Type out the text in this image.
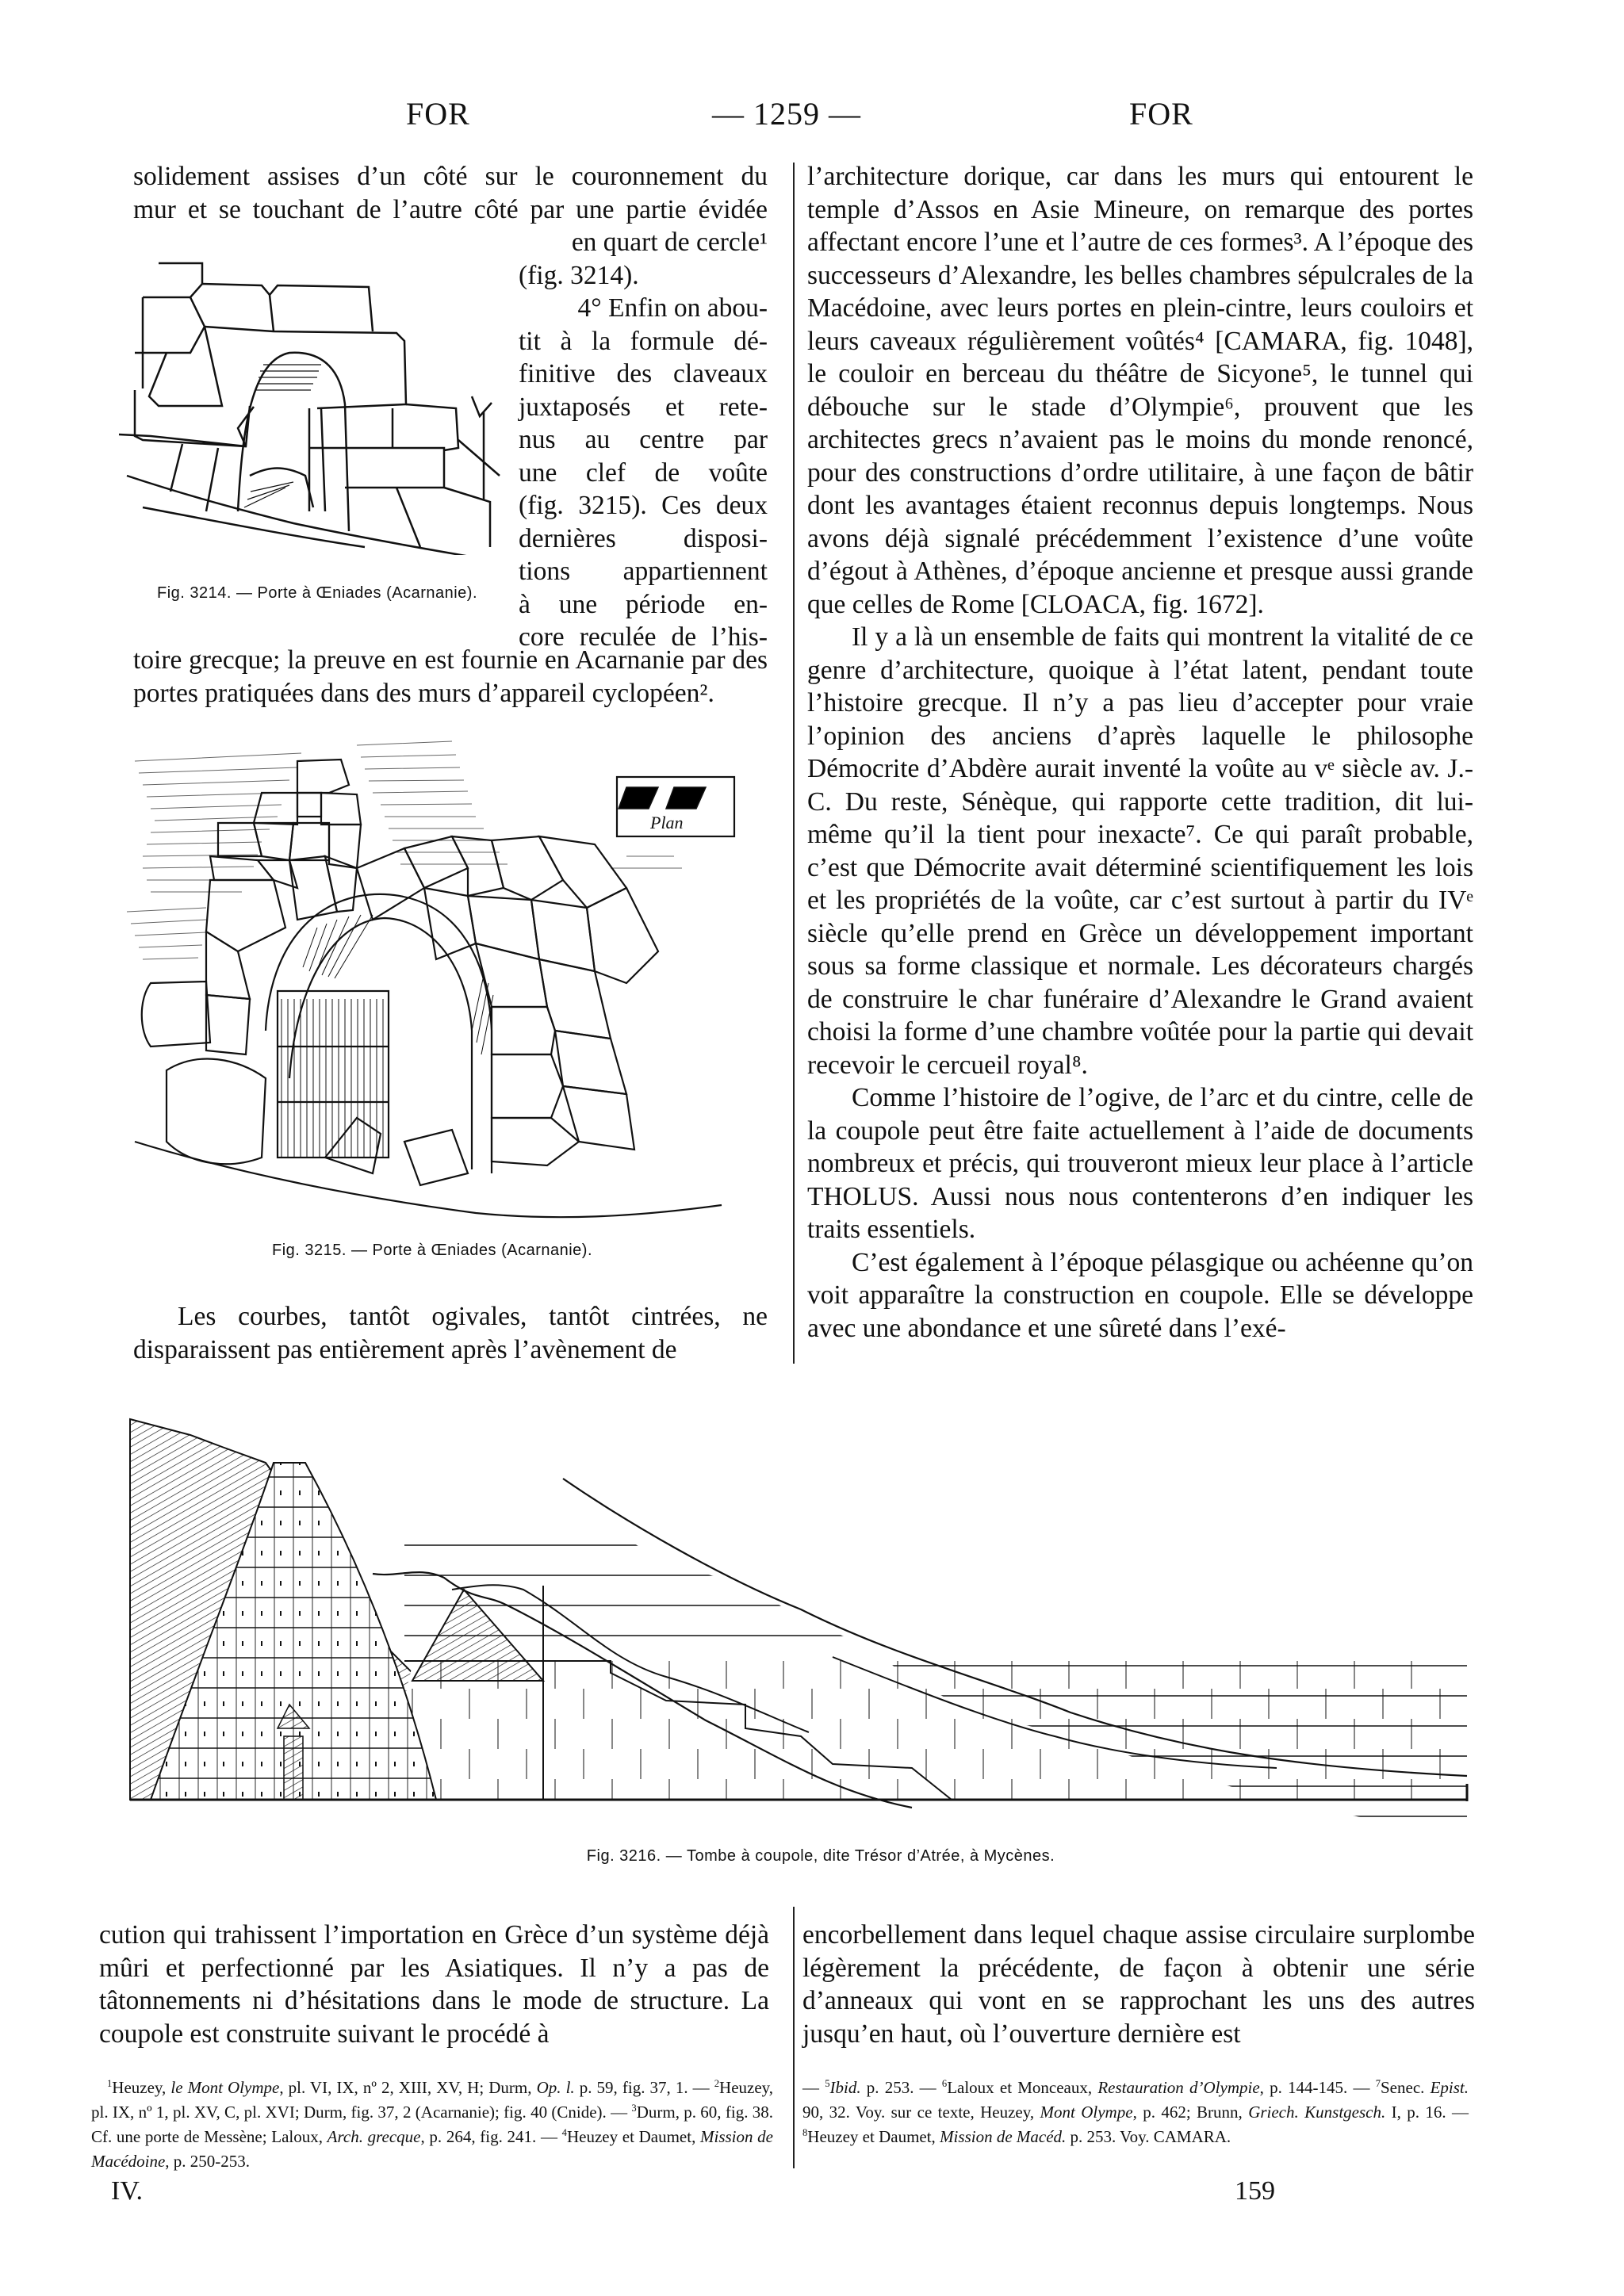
FOR	— 1259 —	FOR

solidement assises d’un côté sur le couronnement du

mur et se touchant de l’autre côté par une partie évidée

Fig. 3214. — Porte à Œniades (Acarnanie).
en quart de cercle¹
(fig. 3214).
4° Enfin on abou-
tit à la formule dé-
finitive des claveaux
juxtaposés et rete-
nus au centre par
une clef de voûte
(fig. 3215). Ces deux
dernières disposi-
tions appartiennent
à une période en-
core reculée de l’his-

toire grecque; la preuve en est fournie en Acarnanie par des portes pratiquées dans des murs d’appareil cyclopéen².

Plan
Fig. 3215. — Porte à Œniades (Acarnanie).

Les courbes, tantôt ogivales, tantôt cintrées, ne disparaissent pas entièrement après l’avènement de

l’architecture dorique, car dans les murs qui entourent le temple d’Assos en Asie Mineure, on remarque des portes affectant encore l’une et l’autre de ces formes³. A l’époque des successeurs d’Alexandre, les belles chambres sépulcrales de la Macédoine, avec leurs portes en plein-cintre, leurs couloirs et leurs caveaux régulièrement voûtés⁴ [CAMARA, fig. 1048], le couloir en berceau du théâtre de Sicyone⁵, le tunnel qui débouche sur le stade d’Olympie⁶, prouvent que les architectes grecs n’avaient pas le moins du monde renoncé, pour des constructions d’ordre utilitaire, à une façon de bâtir dont les avantages étaient reconnus depuis longtemps. Nous avons déjà signalé précédemment l’existence d’une voûte d’égout à Athènes, d’époque ancienne et presque aussi grande que celles de Rome [CLOACA, fig. 1672].

Il y a là un ensemble de faits qui montrent la vitalité de ce genre d’architecture, quoique à l’état latent, pendant toute l’histoire grecque. Il n’y a pas lieu d’accepter pour vraie l’opinion des anciens d’après laquelle le philosophe Démocrite d’Abdère aurait inventé la voûte au vᵉ siècle av. J.-C. Du reste, Sénèque, qui rapporte cette tradition, dit lui-même qu’il la tient pour inexacte⁷. Ce qui paraît probable, c’est que Démocrite avait déterminé scientifiquement les lois et les propriétés de la voûte, car c’est surtout à partir du IVᵉ siècle qu’elle prend en Grèce un développement important sous sa forme classique et normale. Les décorateurs chargés de construire le char funéraire d’Alexandre le Grand avaient choisi la forme d’une chambre voûtée pour la partie qui devait recevoir le cercueil royal⁸.

Comme l’histoire de l’ogive, de l’arc et du cintre, celle de la coupole peut être faite actuellement à l’aide de documents nombreux et précis, qui trouveront mieux leur place à l’article THOLUS. Aussi nous nous contenterons d’en indiquer les traits essentiels.

C’est également à l’époque pélasgique ou achéenne qu’on voit apparaître la construction en coupole. Elle se développe avec une abondance et une sûreté dans l’exé-

Fig. 3216. — Tombe à coupole, dite Trésor d’Atrée, à Mycènes.

cution qui trahissent l’importation en Grèce d’un système déjà mûri et perfectionné par les Asiatiques. Il n’y a pas de tâtonnements ni d’hésitations dans le mode de structure. La coupole est construite suivant le procédé à

encorbellement dans lequel chaque assise circulaire surplombe légèrement la précédente, de façon à obtenir une série d’anneaux qui vont en se rapprochant les uns des autres jusqu’en haut, où l’ouverture dernière est

$^1$Heuzey, le Mont Olympe, pl. VI, IX, nº 2, XIII, XV, H; Durm, Op. l. p. 59, fig. 37, 1. — $^2$Heuzey, pl. IX, nº 1, pl. XV, C, pl. XVI; Durm, fig. 37, 2 (Acarnanie); fig. 40 (Cnide). — $^3$Durm, p. 60, fig. 38. Cf. une porte de Messène; Laloux, Arch. grecque, p. 264, fig. 241. — $^4$Heuzey et Daumet, Mission de Macédoine, p. 250-253.
— $^5$Ibid. p. 253. — $^6$Laloux et Monceaux, Restauration d’Olympie, p. 144-145. — $^7$Senec. Epist. 90, 32. Voy. sur ce texte, Heuzey, Mont Olympe, p. 462; Brunn, Griech. Kunstgesch. I, p. 16. — $^8$Heuzey et Daumet, Mission de Macéd. p. 253. Voy. CAMARA.
IV.	159
